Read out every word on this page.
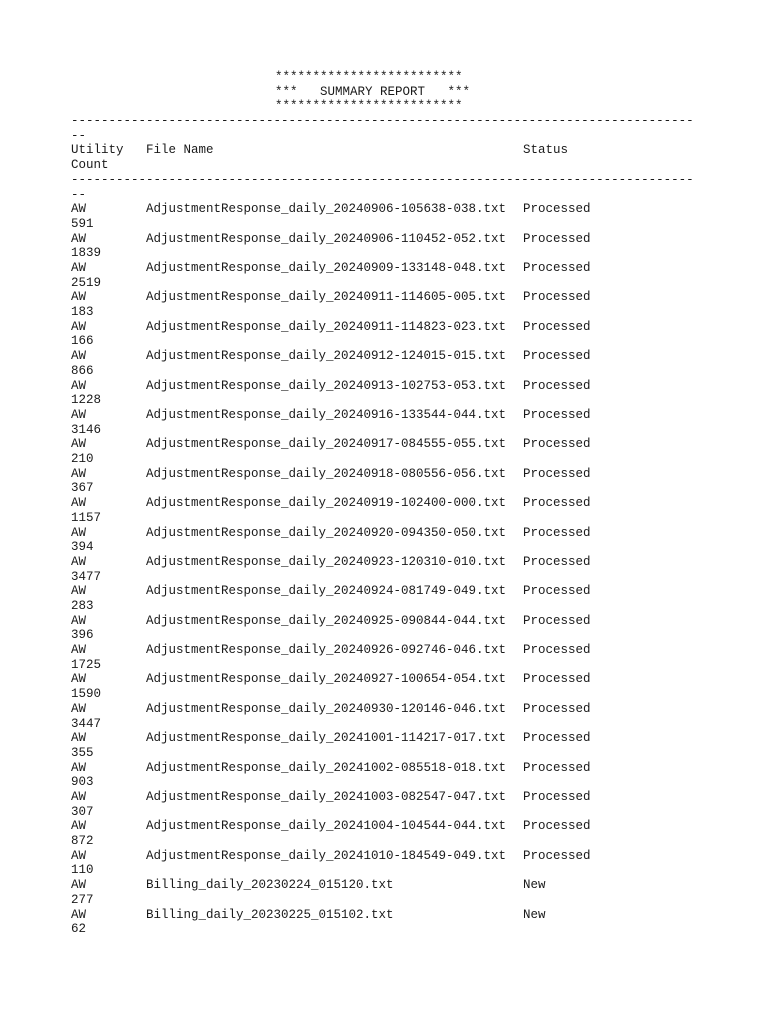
*************************
***   SUMMARY REPORT   ***
*************************
-----------------------------------------------------------------------------------
--
Utility File Name	Status
Count
-----------------------------------------------------------------------------------
--
AW	AdjustmentResponse_daily_20240906-105638-038.txt Processed
591
AW	AdjustmentResponse_daily_20240906-110452-052.txt Processed
1839
AW	AdjustmentResponse_daily_20240909-133148-048.txt Processed
2519
AW	AdjustmentResponse_daily_20240911-114605-005.txt Processed
183
AW	AdjustmentResponse_daily_20240911-114823-023.txt Processed
166
AW	AdjustmentResponse_daily_20240912-124015-015.txt Processed
866
AW	AdjustmentResponse_daily_20240913-102753-053.txt Processed
1228
AW	AdjustmentResponse_daily_20240916-133544-044.txt Processed
3146
AW	AdjustmentResponse_daily_20240917-084555-055.txt Processed
210
AW	AdjustmentResponse_daily_20240918-080556-056.txt Processed
367
AW	AdjustmentResponse_daily_20240919-102400-000.txt Processed
1157
AW	AdjustmentResponse_daily_20240920-094350-050.txt Processed
394
AW	AdjustmentResponse_daily_20240923-120310-010.txt Processed
3477
AW	AdjustmentResponse_daily_20240924-081749-049.txt Processed
283
AW	AdjustmentResponse_daily_20240925-090844-044.txt Processed
396
AW	AdjustmentResponse_daily_20240926-092746-046.txt Processed
1725
AW	AdjustmentResponse_daily_20240927-100654-054.txt Processed
1590
AW	AdjustmentResponse_daily_20240930-120146-046.txt Processed
3447
AW	AdjustmentResponse_daily_20241001-114217-017.txt Processed
355
AW	AdjustmentResponse_daily_20241002-085518-018.txt Processed
903
AW	AdjustmentResponse_daily_20241003-082547-047.txt Processed
307
AW	AdjustmentResponse_daily_20241004-104544-044.txt Processed
872
AW	AdjustmentResponse_daily_20241010-184549-049.txt Processed
110
AW	Billing_daily_20230224_015120.txt	New
277
AW	Billing_daily_20230225_015102.txt	New
62
